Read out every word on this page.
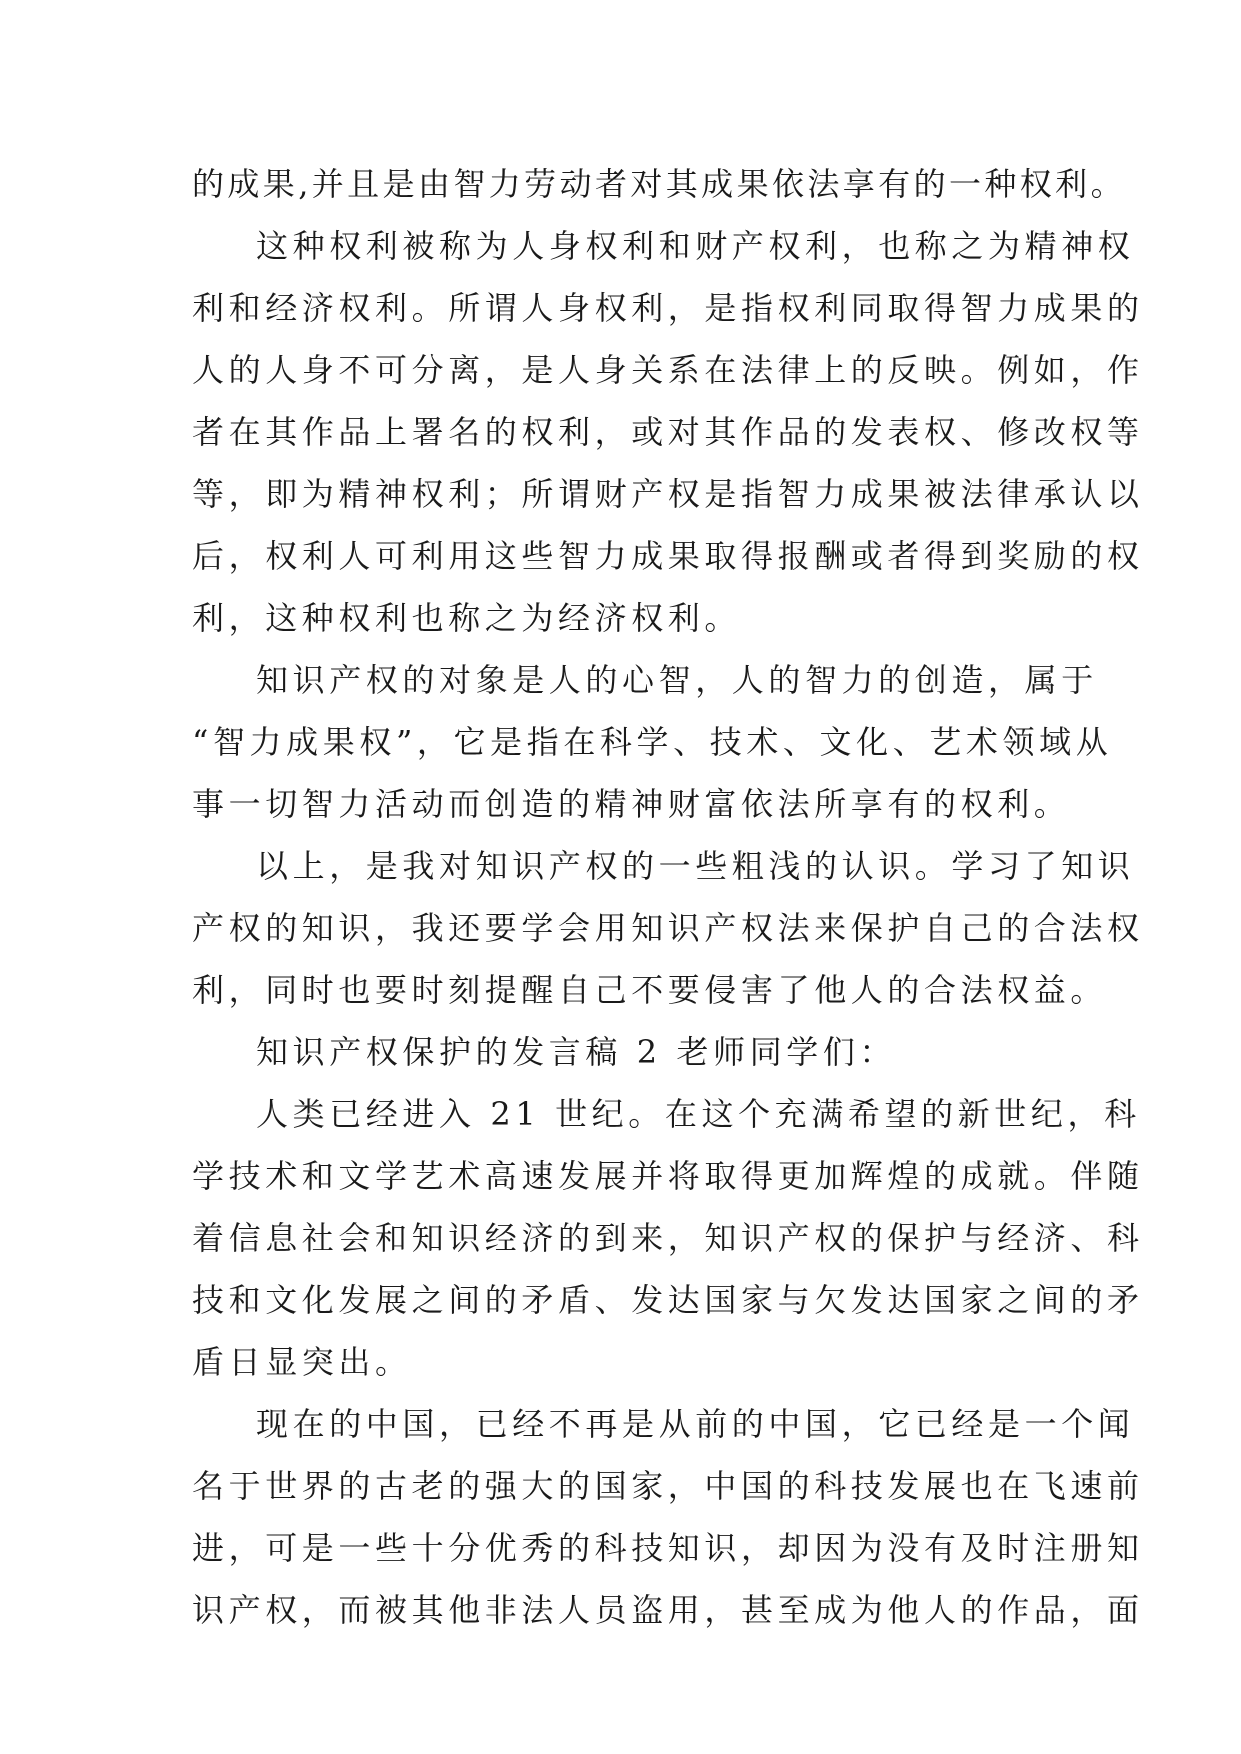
的成果,并且是由智力劳动者对其成果依法享有的一种权利。

这种权利被称为人身权利和财产权利，也称之为精神权

利和经济权利。所谓人身权利，是指权利同取得智力成果的

人的人身不可分离，是人身关系在法律上的反映。例如，作

者在其作品上署名的权利，或对其作品的发表权、修改权等

等，即为精神权利；所谓财产权是指智力成果被法律承认以

后，权利人可利用这些智力成果取得报酬或者得到奖励的权

利，这种权利也称之为经济权利。

知识产权的对象是人的心智，人的智力的创造，属于

“智力成果权”，它是指在科学、技术、文化、艺术领域从

事一切智力活动而创造的精神财富依法所享有的权利。

以上，是我对知识产权的一些粗浅的认识。学习了知识

产权的知识，我还要学会用知识产权法来保护自己的合法权

利，同时也要时刻提醒自己不要侵害了他人的合法权益。

知识产权保护的发言稿 2 老师同学们：

人类已经进入 21 世纪。在这个充满希望的新世纪，科

学技术和文学艺术高速发展并将取得更加辉煌的成就。伴随

着信息社会和知识经济的到来，知识产权的保护与经济、科

技和文化发展之间的矛盾、发达国家与欠发达国家之间的矛

盾日显突出。

现在的中国，已经不再是从前的中国，它已经是一个闻

名于世界的古老的强大的国家，中国的科技发展也在飞速前

进，可是一些十分优秀的科技知识，却因为没有及时注册知

识产权，而被其他非法人员盗用，甚至成为他人的作品，面
